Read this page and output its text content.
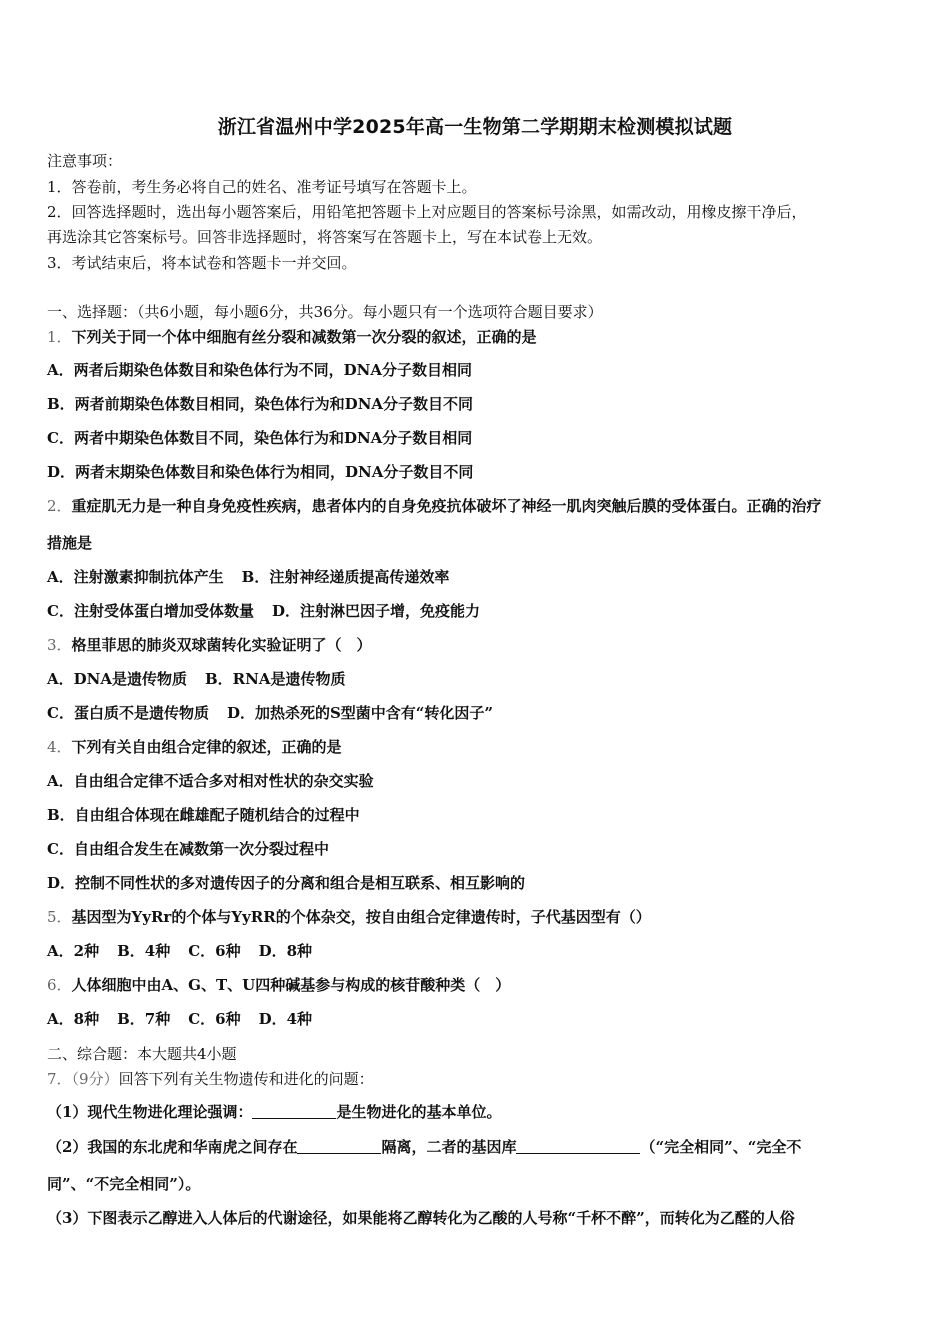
浙江省温州中学2025年高一生物第二学期期末检测模拟试题
注意事项：
1．答卷前，考生务必将自己的姓名、准考证号填写在答题卡上。
2．回答选择题时，选出每小题答案后，用铅笔把答题卡上对应题目的答案标号涂黑，如需改动，用橡皮擦干净后，
再选涂其它答案标号。回答非选择题时，将答案写在答题卡上，写在本试卷上无效。
3．考试结束后，将本试卷和答题卡一并交回。
一、选择题：（共6小题，每小题6分，共36分。每小题只有一个选项符合题目要求）
1．下列关于同一个体中细胞有丝分裂和减数第一次分裂的叙述，正确的是
A．两者后期染色体数目和染色体行为不同，DNA分子数目相同
B．两者前期染色体数目相同，染色体行为和DNA分子数目不同
C．两者中期染色体数目不同，染色体行为和DNA分子数目相同
D．两者末期染色体数目和染色体行为相同，DNA分子数目不同
2．重症肌无力是一种自身免疫性疾病，患者体内的自身免疫抗体破坏了神经一肌肉突触后膜的受体蛋白。正确的治疗
措施是
A．注射激素抑制抗体产生 B．注射神经递质提高传递效率
C．注射受体蛋白增加受体数量 D．注射淋巴因子增，免疫能力
3．格里菲思的肺炎双球菌转化实验证明了（　）
A．DNA是遗传物质 B．RNA是遗传物质
C．蛋白质不是遗传物质 D．加热杀死的S型菌中含有“转化因子”
4．下列有关自由组合定律的叙述，正确的是
A．自由组合定律不适合多对相对性状的杂交实验
B．自由组合体现在雌雄配子随机结合的过程中
C．自由组合发生在减数第一次分裂过程中
D．控制不同性状的多对遗传因子的分离和组合是相互联系、相互影响的
5．基因型为YyRr的个体与YyRR的个体杂交，按自由组合定律遗传时，子代基因型有（）
A．2种 B．4种 C．6种 D．8种
6．人体细胞中由A、G、T、U四种碱基参与构成的核苷酸种类（　）
A．8种 B．7种 C．6种 D．4种
二、综合题：本大题共4小题
7．（9分）回答下列有关生物遗传和进化的问题：
（1）现代生物进化理论强调：	是生物进化的基本单位。
（2）我国的东北虎和华南虎之间存在	隔离，二者的基因库	（“完全相同”、“完全不
同”、“不完全相同”）。
（3）下图表示乙醇进入人体后的代谢途径，如果能将乙醇转化为乙酸的人号称“千杯不醉”，而转化为乙醛的人俗
